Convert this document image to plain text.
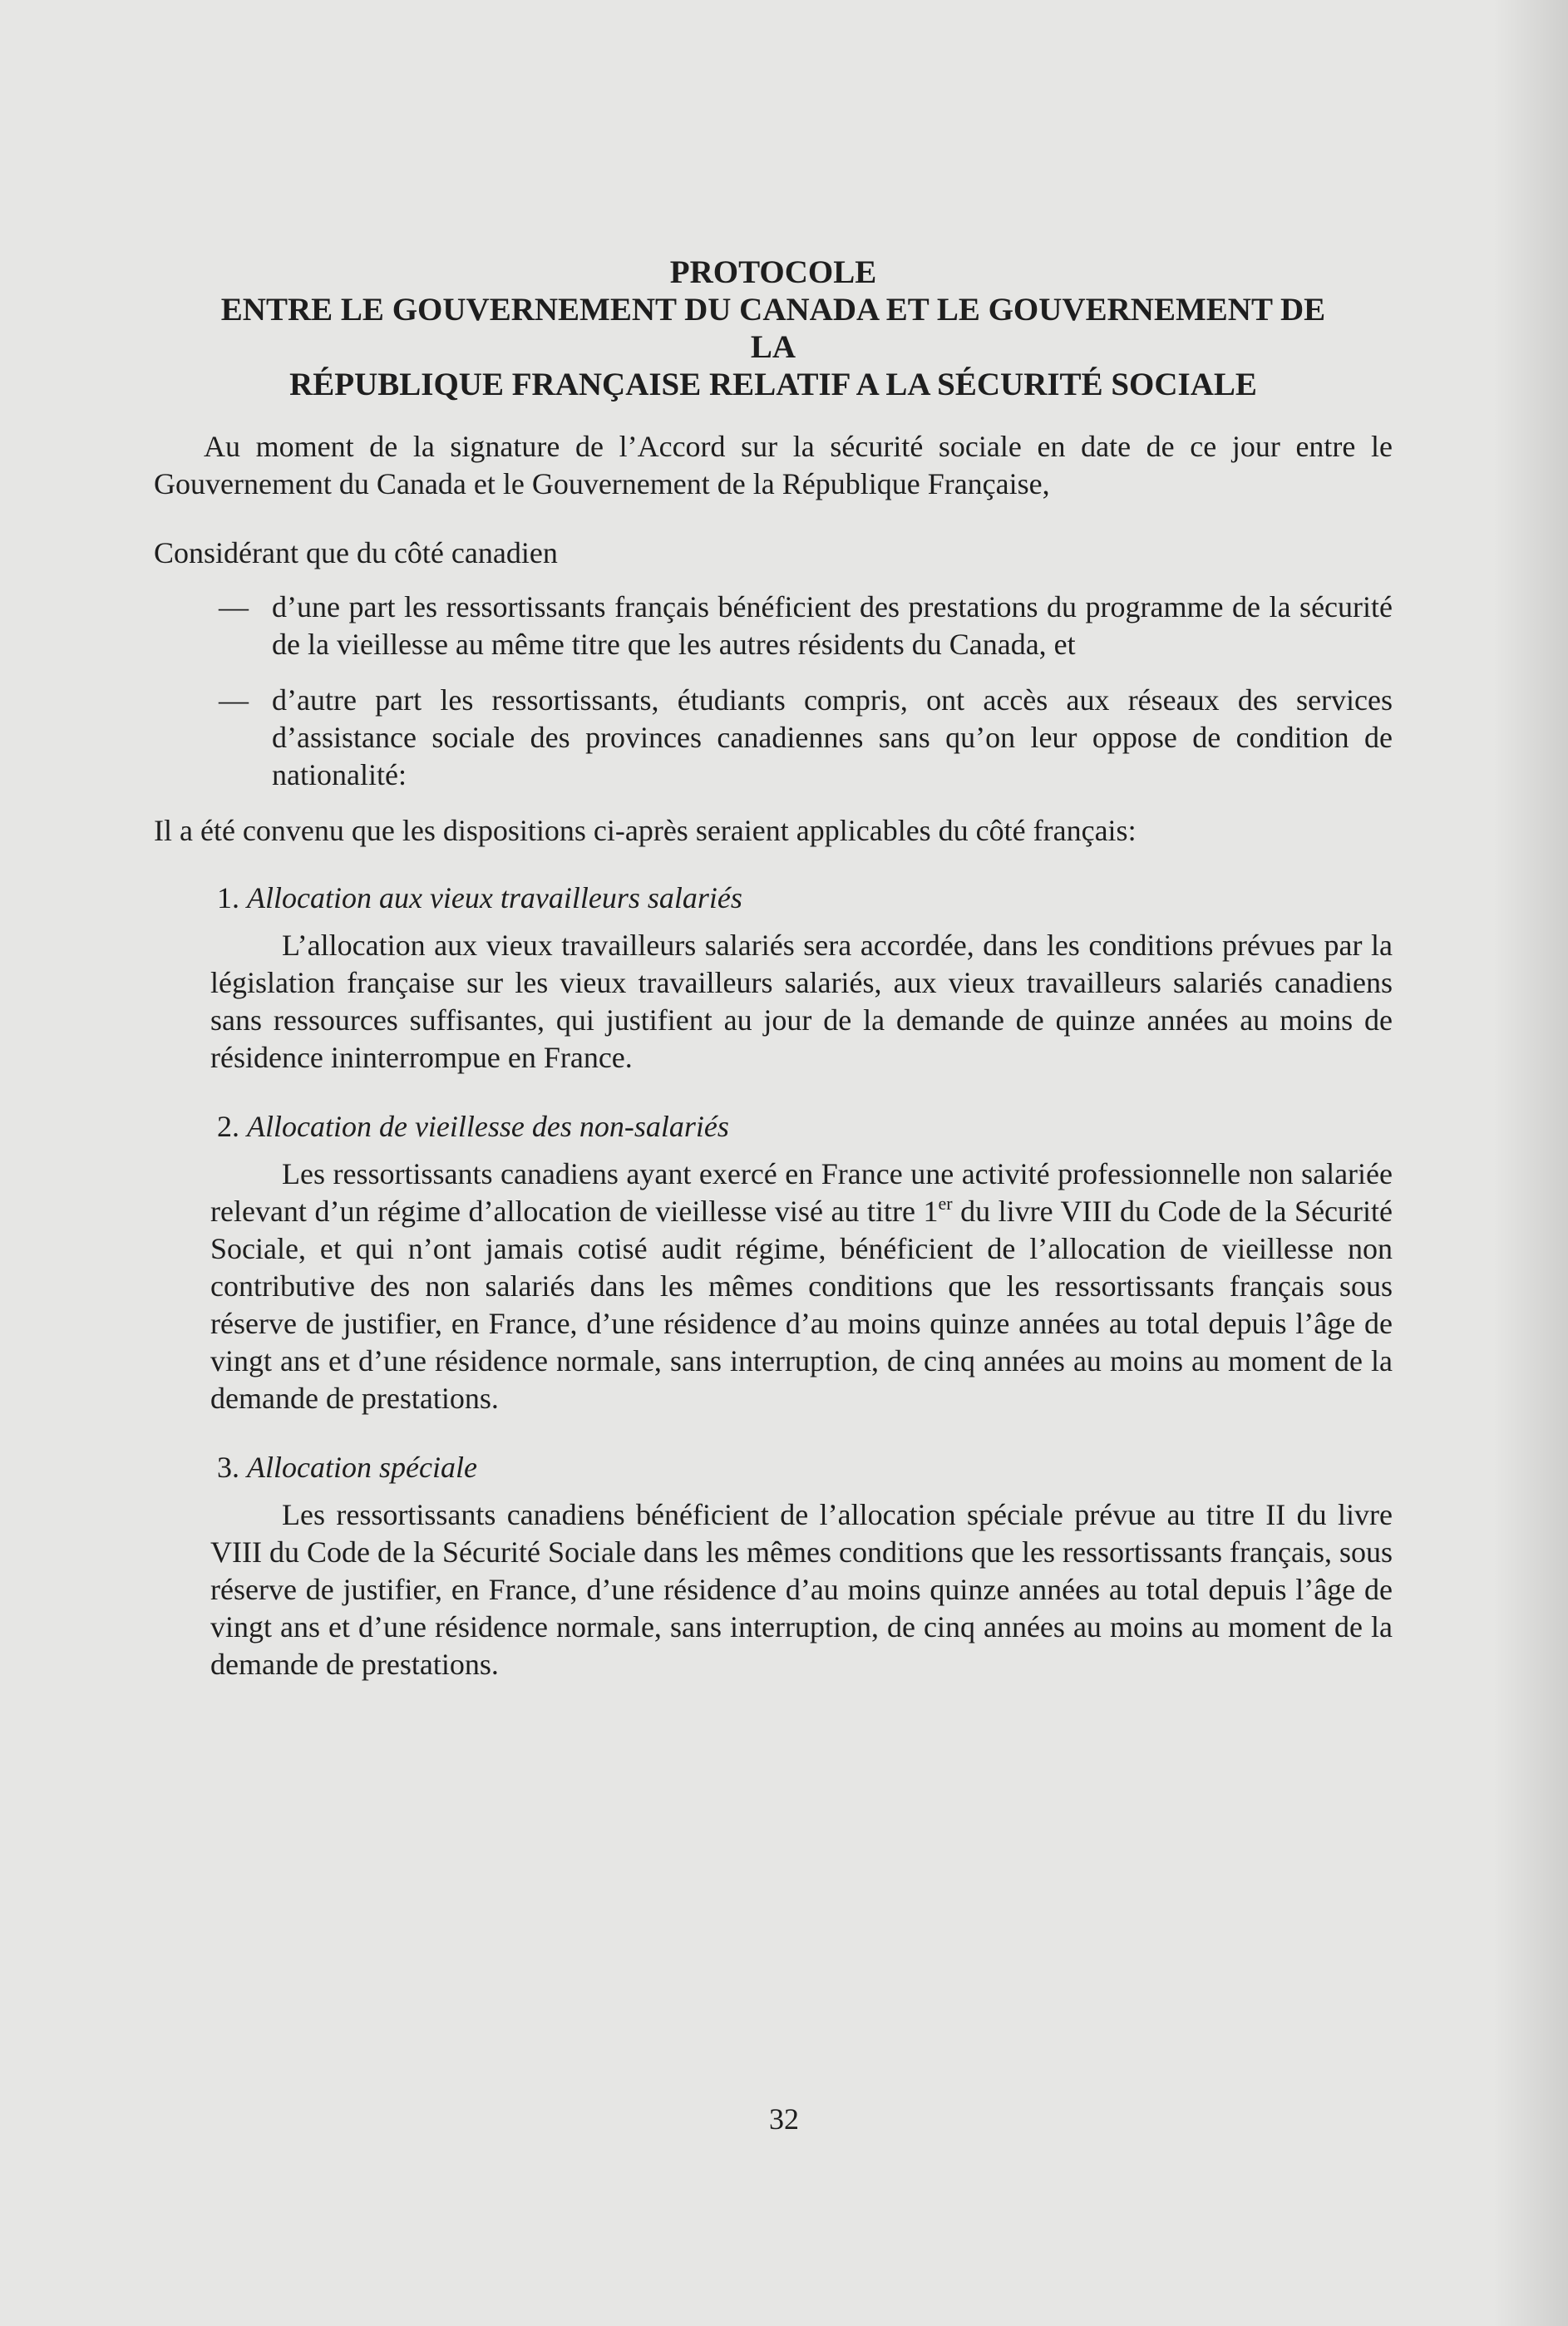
PROTOCOLE
ENTRE LE GOUVERNEMENT DU CANADA ET LE GOUVERNEMENT DE
LA
RÉPUBLIQUE FRANÇAISE RELATIF A LA SÉCURITÉ SOCIALE

Au moment de la signature de l’Accord sur la sécurité sociale en date de ce jour entre le Gouvernement du Canada et le Gouvernement de la République Française,

Considérant que du côté canadien

— d’une part les ressortissants français bénéficient des prestations du programme de la sécurité de la vieillesse au même titre que les autres résidents du Canada, et

— d’autre part les ressortissants, étudiants compris, ont accès aux réseaux des services d’assistance sociale des provinces canadiennes sans qu’on leur oppose de condition de nationalité:

Il a été convenu que les dispositions ci-après seraient applicables du côté français:

1. Allocation aux vieux travailleurs salariés

L’allocation aux vieux travailleurs salariés sera accordée, dans les conditions prévues par la législation française sur les vieux travailleurs salariés, aux vieux travailleurs salariés canadiens sans ressources suffisantes, qui justifient au jour de la demande de quinze années au moins de résidence ininterrompue en France.

2. Allocation de vieillesse des non-salariés

Les ressortissants canadiens ayant exercé en France une activité professionnelle non salariée relevant d’un régime d’allocation de vieillesse visé au titre 1er du livre VIII du Code de la Sécurité Sociale, et qui n’ont jamais cotisé audit régime, bénéficient de l’allocation de vieillesse non contributive des non salariés dans les mêmes conditions que les ressortissants français sous réserve de justifier, en France, d’une résidence d’au moins quinze années au total depuis l’âge de vingt ans et d’une résidence normale, sans interruption, de cinq années au moins au moment de la demande de prestations.

3. Allocation spéciale

Les ressortissants canadiens bénéficient de l’allocation spéciale prévue au titre II du livre VIII du Code de la Sécurité Sociale dans les mêmes conditions que les ressortissants français, sous réserve de justifier, en France, d’une résidence d’au moins quinze années au total depuis l’âge de vingt ans et d’une résidence normale, sans interruption, de cinq années au moins au moment de la demande de prestations.

32
